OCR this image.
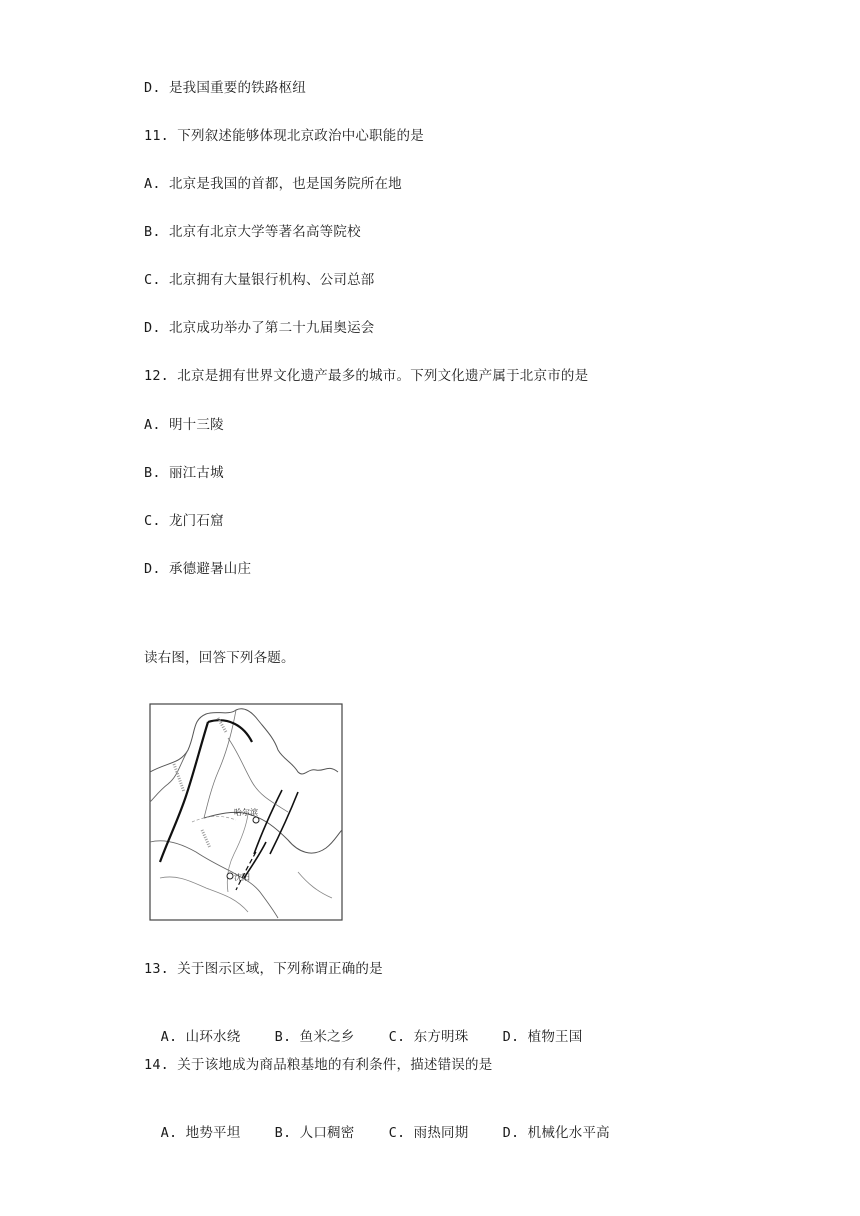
D. 是我国重要的铁路枢纽
11. 下列叙述能够体现北京政治中心职能的是
A. 北京是我国的首都，也是国务院所在地
B. 北京有北京大学等著名高等院校
C. 北京拥有大量银行机构、公司总部
D. 北京成功举办了第二十九届奥运会
12. 北京是拥有世界文化遗产最多的城市。下列文化遗产属于北京市的是
A. 明十三陵
B. 丽江古城
C. 龙门石窟
D. 承德避暑山庄
读右图，回答下列各题。
哈尔滨
沈阳
13. 关于图示区域，下列称谓正确的是

A. 山环水绕	B. 鱼米之乡	C. 东方明珠	D. 植物王国

14. 关于该地成为商品粮基地的有利条件，描述错误的是

A. 地势平坦	B. 人口稠密	C. 雨热同期	D. 机械化水平高
